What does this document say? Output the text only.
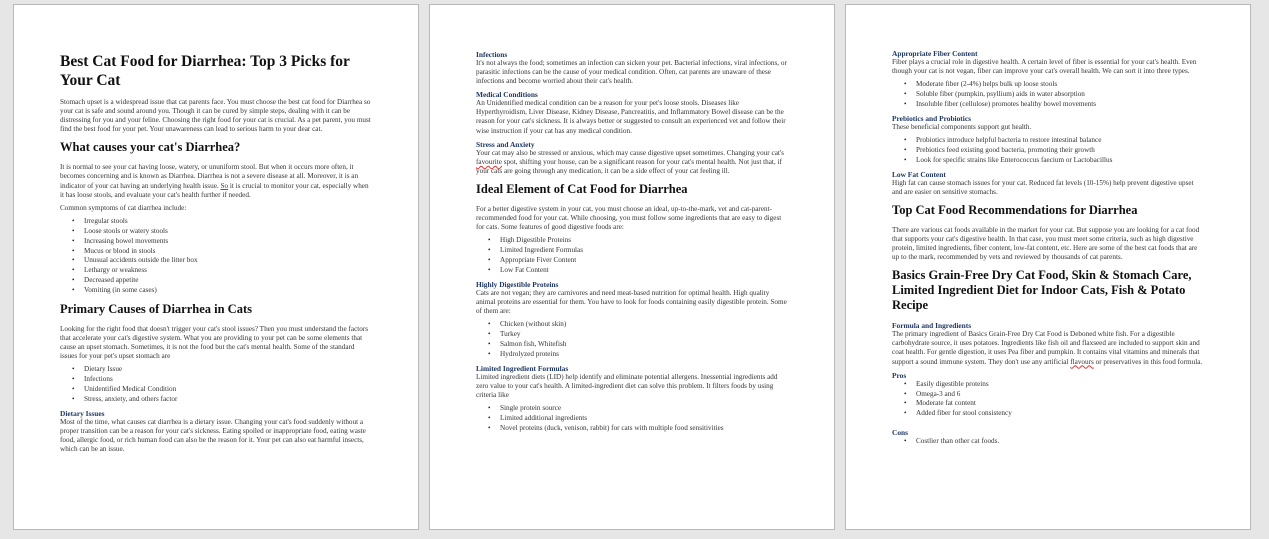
Best Cat Food for Diarrhea: Top 3 Picks for Your Cat

Stomach upset is a widespread issue that cat parents face. You must choose the best cat food for Diarrhea so your cat is safe and sound around you. Though it can be cured by simple steps, dealing with it can be distressing for you and your feline. Choosing the right food for your cat is crucial. As a pet parent, you must find the best food for your pet. Your unawareness can lead to serious harm to your dear cat.

What causes your cat's Diarrhea?

It is normal to see your cat having loose, watery, or ununiform stool. But when it occurs more often, it becomes concerning and is known as Diarrhea. Diarrhea is not a severe disease at all. Moreover, it is an indicator of your cat having an underlying health issue. So it is crucial to monitor your cat, especially when it has loose stools, and evaluate your cat's health further if needed.

Common symptoms of cat diarrhea include:

• Irregular stools
• Loose stools or watery stools
• Increasing bowel movements
• Mucus or blood in stools
• Unusual accidents outside the litter box
• Lethargy or weakness
• Decreased appetite
• Vomiting (in some cases)
Primary Causes of Diarrhea in Cats

Looking for the right food that doesn't trigger your cat's stool issues? Then you must understand the factors that accelerate your cat's digestive system. What you are providing to your pet can be some elements that cause an upset stomach. Sometimes, it is not the food but the cat's mental health. Some of the standard issues for your pet's upset stomach are

• Dietary Issue
• Infections
• Unidentified Medical Condition
• Stress, anxiety, and others factor
Dietary Issues

Most of the time, what causes cat diarrhea is a dietary issue. Changing your cat's food suddenly without a proper transition can be a reason for your cat's sickness. Eating spoiled or inappropriate food, eating waste food, allergic food, or rich human food can also be the reason for it. Your pet can also eat harmful insects, which can be an issue.

Infections

It's not always the food; sometimes an infection can sicken your pet. Bacterial infections, viral infections, or parasitic infections can be the cause of your medical condition. Often, cat parents are unaware of these infections and become worried about their cat's health.

Medical Conditions

An Unidentified medical condition can be a reason for your pet's loose stools. Diseases like Hyperthyroidism, Liver Disease, Kidney Disease, Pancreatitis, and Inflammatory Bowel disease can be the reason for your cat's sickness. It is always better or suggested to consult an experienced vet and follow their wise instruction if your cat has any medical condition.

Stress and Anxiety

Your cat may also be stressed or anxious, which may cause digestive upset sometimes. Changing your cat's favourite spot, shifting your house, can be a significant reason for your cat's mental health. Not just that, if your cats are going through any medication, it can be a side effect of your cat feeling ill.

Ideal Element of Cat Food for Diarrhea

For a better digestive system in your cat, you must choose an ideal, up-to-the-mark, vet and cat-parent-recommended food for your cat. While choosing, you must follow some ingredients that are easy to digest for cats. Some features of good digestive foods are:

• High Digestible Proteins
• Limited Ingredient Formulas
• Appropriate Fiver Content
• Low Fat Content
Highly Digestible Proteins

Cats are not vegan; they are carnivores and need meat-based nutrition for optimal health. High quality animal proteins are essential for them. You have to look for foods containing easily digestible protein. Some of them are:

• Chicken (without skin)
• Turkey
• Salmon fish, Whitefish
• Hydrolyzed proteins
Limited Ingredient Formulas

Limited ingredient diets (LID) help identify and eliminate potential allergens. Inessential ingredients add zero value to your cat's health. A limited-ingredient diet can solve this problem. It filters foods by using criteria like

• Single protein source
• Limited additional ingredients
• Novel proteins (duck, venison, rabbit) for cats with multiple food sensitivities
Appropriate Fiber Content

Fiber plays a crucial role in digestive health. A certain level of fiber is essential for your cat's health. Even though your cat is not vegan, fiber can improve your cat's overall health. We can sort it into three types.

• Moderate fiber (2-4%) helps bulk up loose stools
• Soluble fiber (pumpkin, psyllium) aids in water absorption
• Insoluble fiber (cellulose) promotes healthy bowel movements
Prebiotics and Probiotics

These beneficial components support gut health.

• Probiotics introduce helpful bacteria to restore intestinal balance
• Prebiotics feed existing good bacteria, promoting their growth
• Look for specific strains like Enterococcus faecium or Lactobacillus
Low Fat Content

High fat can cause stomach issues for your cat. Reduced fat levels (10-15%) help prevent digestive upset and are easier on sensitive stomachs.

Top Cat Food Recommendations for Diarrhea

There are various cat foods available in the market for your cat. But suppose you are looking for a cat food that supports your cat's digestive health. In that case, you must meet some criteria, such as high digestive protein, limited ingredients, fiber content, low-fat content, etc. Here are some of the best cat foods that are up to the mark, recommended by vets and reviewed by thousands of cat parents.

Basics Grain-Free Dry Cat Food, Skin & Stomach Care, Limited Ingredient Diet for Indoor Cats, Fish & Potato Recipe
Formula and Ingredients

The primary ingredient of Basics Grain-Free Dry Cat Food is Deboned white fish. For a digestible carbohydrate source, it uses potatoes. Ingredients like fish oil and flaxseed are included to support skin and coat health. For gentle digestion, it uses Pea fiber and pumpkin. It contains vital vitamins and minerals that support a sound immune system. They don't use any artificial flavours or preservatives in this food formula.

Pros
• Easily digestible proteins
• Omega-3 and 6
• Moderate fat content
• Added fiber for stool consistency
Cons
• Costlier than other cat foods.
